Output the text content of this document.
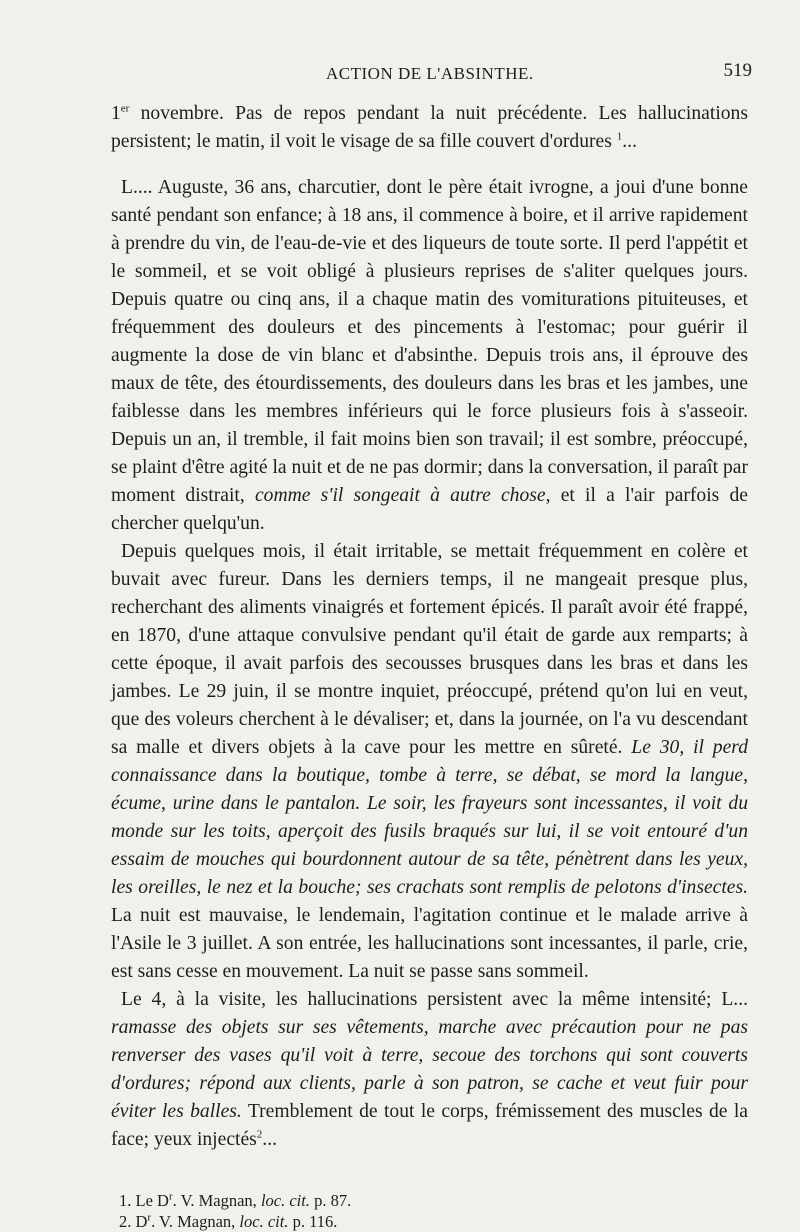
ACTION DE L'ABSINTHE.	519

1er novembre. Pas de repos pendant la nuit précédente. Les hallucinations persistent; le matin, il voit le visage de sa fille couvert d'ordures $^1$...

L.... Auguste, 36 ans, charcutier, dont le père était ivrogne, a joui d'une bonne santé pendant son enfance; à 18 ans, il commence à boire, et il arrive rapidement à prendre du vin, de l'eau-de-vie et des liqueurs de toute sorte. Il perd l'appétit et le sommeil, et se voit obligé à plusieurs reprises de s'aliter quelques jours. Depuis quatre ou cinq ans, il a chaque matin des vomiturations pituiteuses, et fréquemment des douleurs et des pincements à l'estomac; pour guérir il augmente la dose de vin blanc et d'absinthe. Depuis trois ans, il éprouve des maux de tête, des étourdissements, des douleurs dans les bras et les jambes, une faiblesse dans les membres inférieurs qui le force plusieurs fois à s'asseoir. Depuis un an, il tremble, il fait moins bien son travail; il est sombre, préoccupé, se plaint d'être agité la nuit et de ne pas dormir; dans la conversation, il paraît par moment distrait, comme s'il songeait à autre chose, et il a l'air parfois de chercher quelqu'un.

Depuis quelques mois, il était irritable, se mettait fréquemment en colère et buvait avec fureur. Dans les derniers temps, il ne mangeait presque plus, recherchant des aliments vinaigrés et fortement épicés. Il paraît avoir été frappé, en 1870, d'une attaque convulsive pendant qu'il était de garde aux remparts; à cette époque, il avait parfois des secousses brusques dans les bras et dans les jambes. Le 29 juin, il se montre inquiet, préoccupé, prétend qu'on lui en veut, que des voleurs cherchent à le dévaliser; et, dans la journée, on l'a vu descendant sa malle et divers objets à la cave pour les mettre en sûreté. Le 30, il perd connaissance dans la boutique, tombe à terre, se débat, se mord la langue, écume, urine dans le pantalon. Le soir, les frayeurs sont incessantes, il voit du monde sur les toits, aperçoit des fusils braqués sur lui, il se voit entouré d'un essaim de mouches qui bourdonnent autour de sa tête, pénètrent dans les yeux, les oreilles, le nez et la bouche; ses crachats sont remplis de pelotons d'insectes. La nuit est mauvaise, le lendemain, l'agitation continue et le malade arrive à l'Asile le 3 juillet. A son entrée, les hallucinations sont incessantes, il parle, crie, est sans cesse en mouvement. La nuit se passe sans sommeil.

Le 4, à la visite, les hallucinations persistent avec la même intensité; L... ramasse des objets sur ses vêtements, marche avec précaution pour ne pas renverser des vases qu'il voit à terre, secoue des torchons qui sont couverts d'ordures; répond aux clients, parle à son patron, se cache et veut fuir pour éviter les balles. Tremblement de tout le corps, frémissement des muscles de la face; yeux injectés$^2$...

1. Le $D^r$. V. Magnan, loc. cit. p. 87.
2. $D^r$. V. Magnan, loc. cit. p. 116.
